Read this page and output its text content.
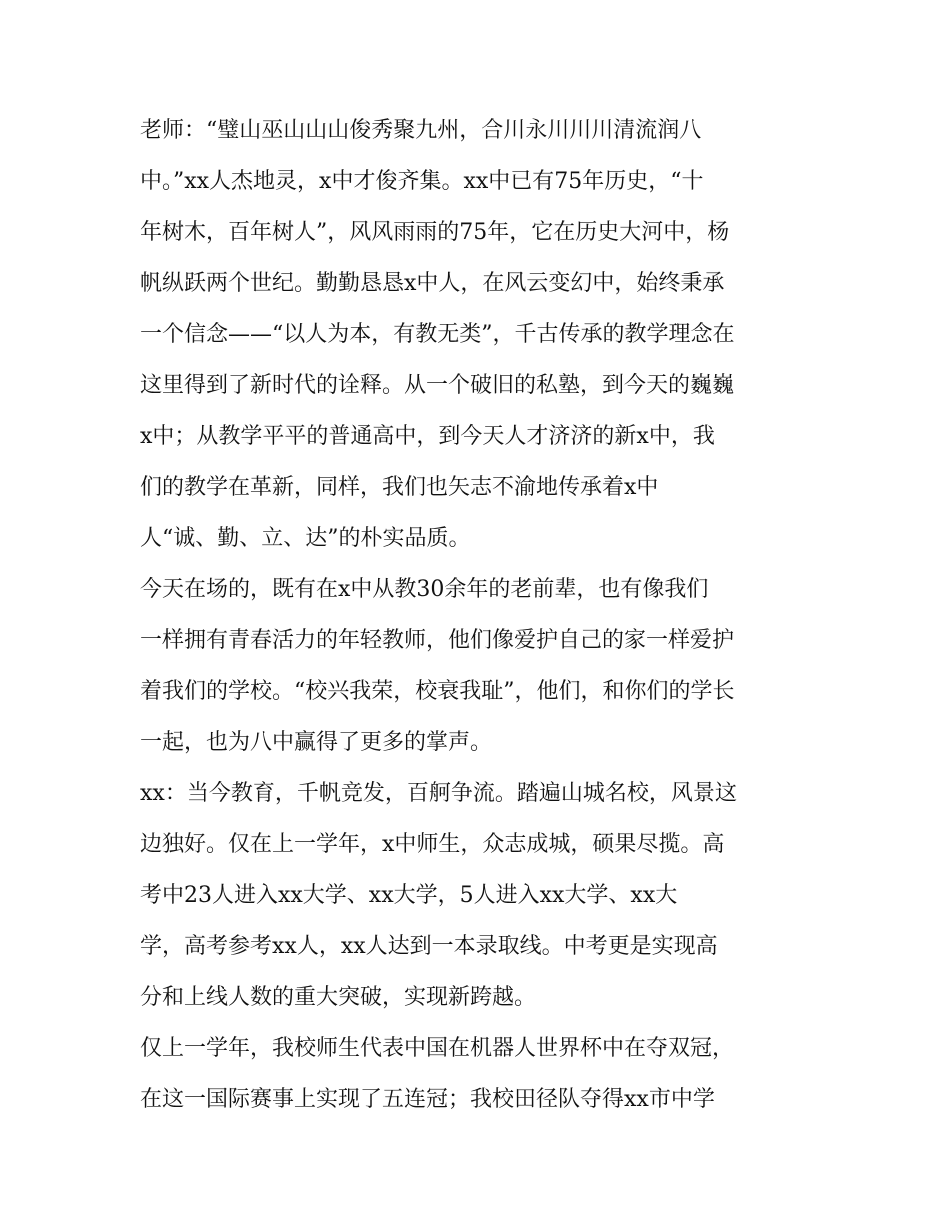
老师：“璧山巫山山山俊秀聚九州，合川永川川川清流润八
中。”xx人杰地灵，x中才俊齐集。xx中已有75年历史，“十
年树木，百年树人”，风风雨雨的75年，它在历史大河中，杨
帆纵跃两个世纪。勤勤恳恳x中人，在风云变幻中，始终秉承
一个信念——“以人为本，有教无类”，千古传承的教学理念在
这里得到了新时代的诠释。从一个破旧的私塾，到今天的巍巍
x中；从教学平平的普通高中，到今天人才济济的新x中，我
们的教学在革新，同样，我们也矢志不渝地传承着x中
人“诚、勤、立、达”的朴实品质。
今天在场的，既有在x中从教30余年的老前辈，也有像我们
一样拥有青春活力的年轻教师，他们像爱护自己的家一样爱护
着我们的学校。“校兴我荣，校衰我耻”，他们，和你们的学长
一起，也为八中赢得了更多的掌声。
xx：当今教育，千帆竞发，百舸争流。踏遍山城名校，风景这
边独好。仅在上一学年，x中师生，众志成城，硕果尽揽。高
考中23人进入xx大学、xx大学，5人进入xx大学、xx大
学，高考参考xx人，xx人达到一本录取线。中考更是实现高
分和上线人数的重大突破，实现新跨越。
仅上一学年，我校师生代表中国在机器人世界杯中在夺双冠，
在这一国际赛事上实现了五连冠；我校田径队夺得xx市中学
